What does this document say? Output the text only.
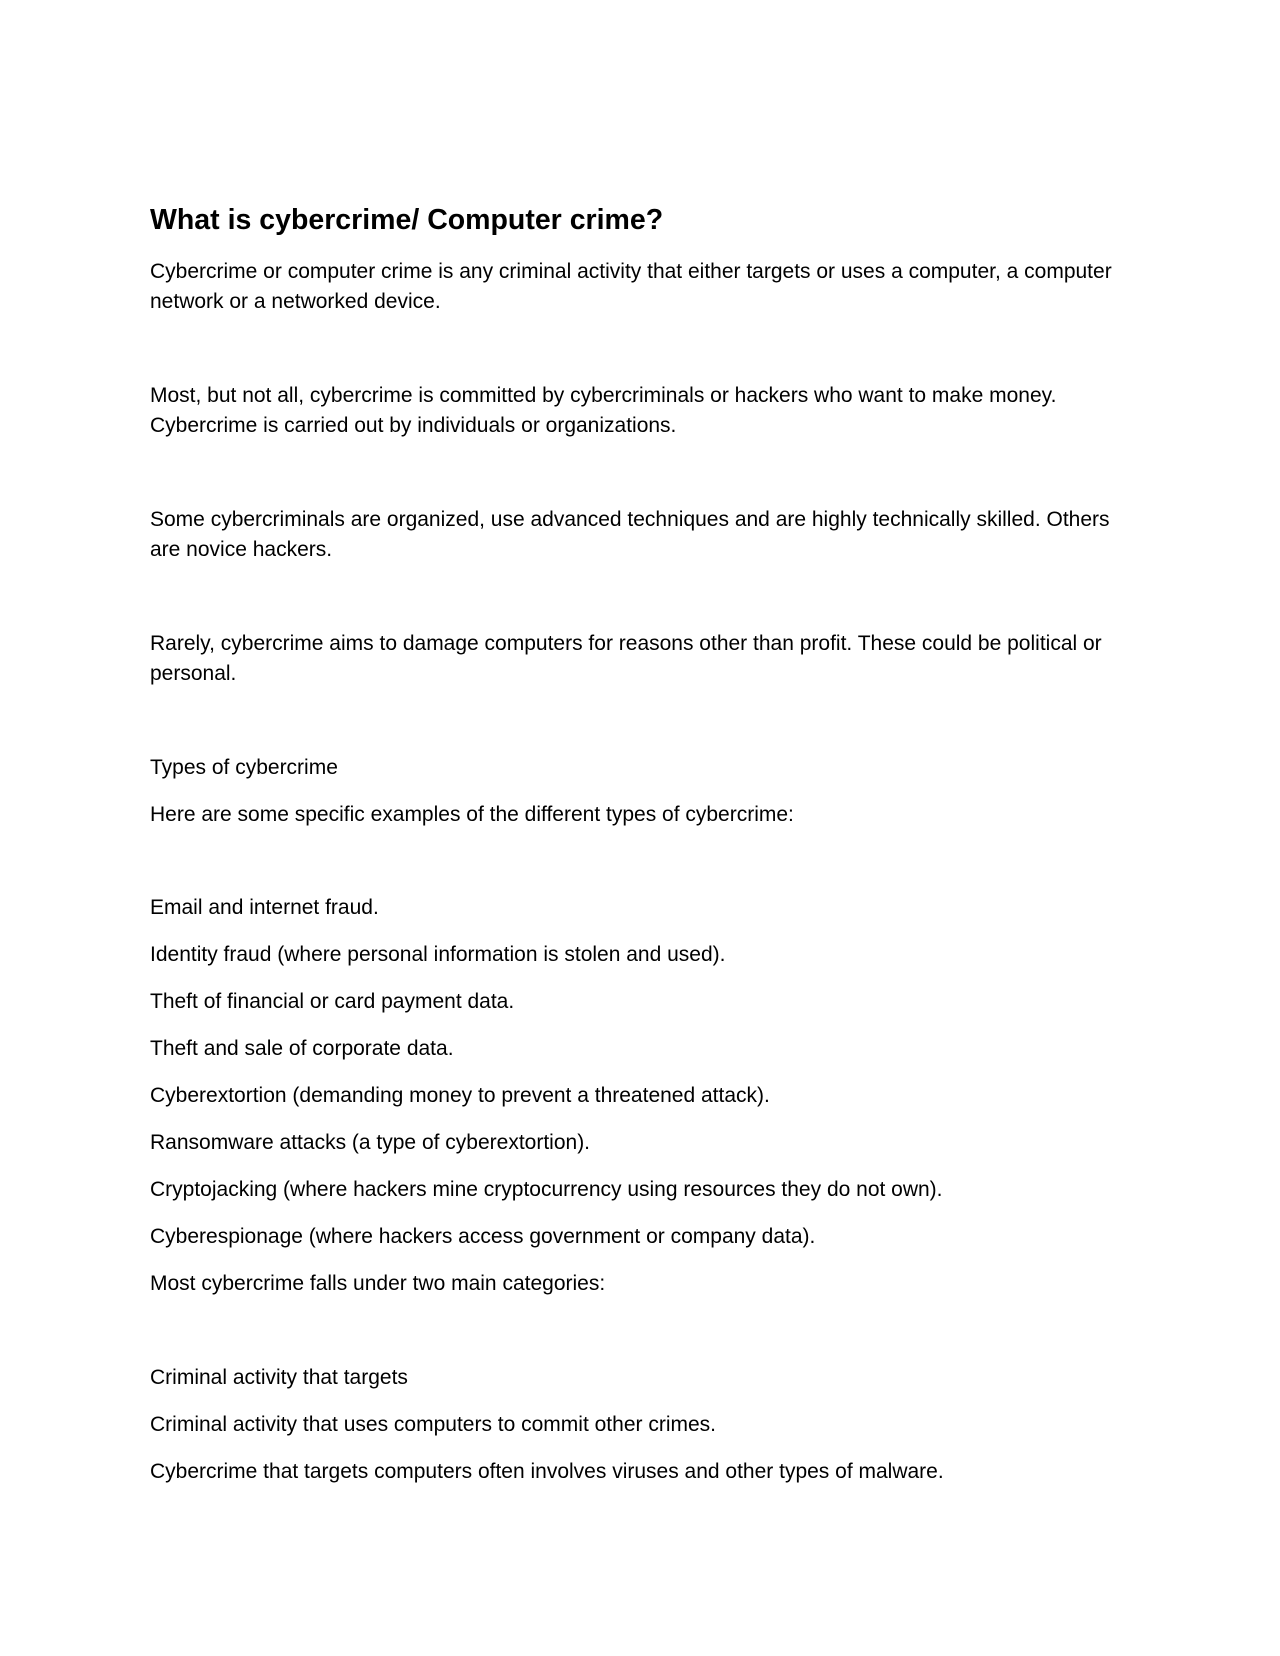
What is cybercrime/ Computer crime?
Cybercrime or computer crime is any criminal activity that either targets or uses a computer, a computer network or a networked device.
Most, but not all, cybercrime is committed by cybercriminals or hackers who want to make money. Cybercrime is carried out by individuals or organizations.
Some cybercriminals are organized, use advanced techniques and are highly technically skilled. Others are novice hackers.
Rarely, cybercrime aims to damage computers for reasons other than profit. These could be political or personal.
Types of cybercrime
Here are some specific examples of the different types of cybercrime:
Email and internet fraud.
Identity fraud (where personal information is stolen and used).
Theft of financial or card payment data.
Theft and sale of corporate data.
Cyberextortion (demanding money to prevent a threatened attack).
Ransomware attacks (a type of cyberextortion).
Cryptojacking (where hackers mine cryptocurrency using resources they do not own).
Cyberespionage (where hackers access government or company data).
Most cybercrime falls under two main categories:
Criminal activity that targets
Criminal activity that uses computers to commit other crimes.
Cybercrime that targets computers often involves viruses and other types of malware.
